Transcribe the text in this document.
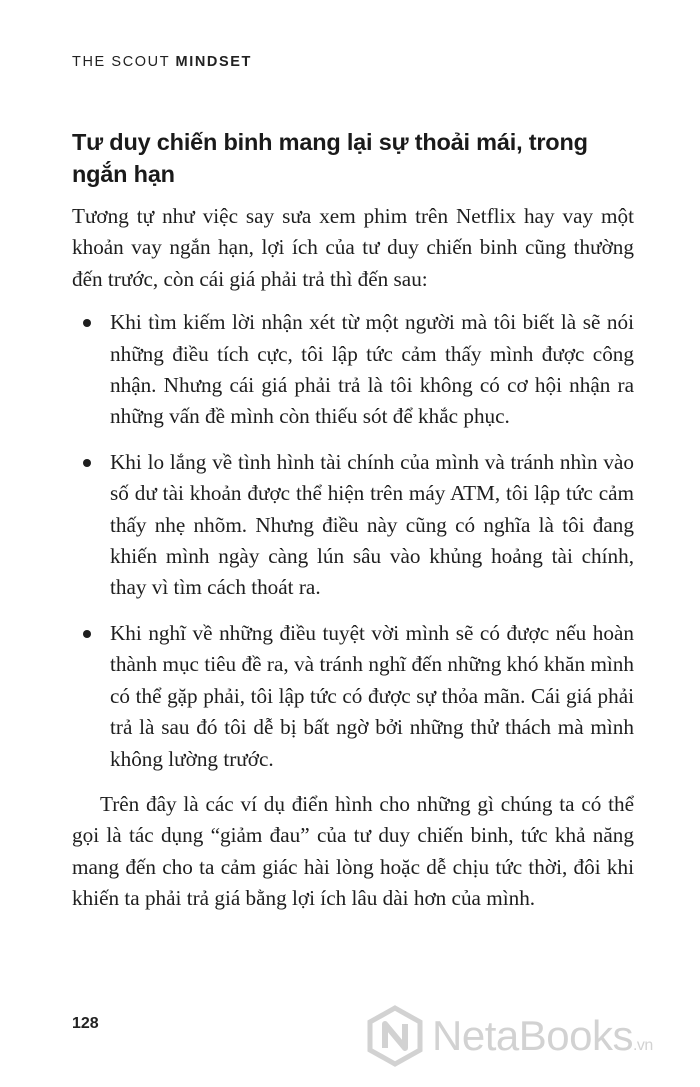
THE SCOUT MINDSET
Tư duy chiến binh mang lại sự thoải mái, trong ngắn hạn

Tương tự như việc say sưa xem phim trên Netflix hay vay một khoản vay ngắn hạn, lợi ích của tư duy chiến binh cũng thường đến trước, còn cái giá phải trả thì đến sau:

Khi tìm kiếm lời nhận xét từ một người mà tôi biết là sẽ nói những điều tích cực, tôi lập tức cảm thấy mình được công nhận. Nhưng cái giá phải trả là tôi không có cơ hội nhận ra những vấn đề mình còn thiếu sót để khắc phục.
Khi lo lắng về tình hình tài chính của mình và tránh nhìn vào số dư tài khoản được thể hiện trên máy ATM, tôi lập tức cảm thấy nhẹ nhõm. Nhưng điều này cũng có nghĩa là tôi đang khiến mình ngày càng lún sâu vào khủng hoảng tài chính, thay vì tìm cách thoát ra.
Khi nghĩ về những điều tuyệt vời mình sẽ có được nếu hoàn thành mục tiêu đề ra, và tránh nghĩ đến những khó khăn mình có thể gặp phải, tôi lập tức có được sự thỏa mãn. Cái giá phải trả là sau đó tôi dễ bị bất ngờ bởi những thử thách mà mình không lường trước.

Trên đây là các ví dụ điển hình cho những gì chúng ta có thể gọi là tác dụng “giảm đau” của tư duy chiến binh, tức khả năng mang đến cho ta cảm giác hài lòng hoặc dễ chịu tức thời, đôi khi khiến ta phải trả giá bằng lợi ích lâu dài hơn của mình.

128	NetaBooks.vn
